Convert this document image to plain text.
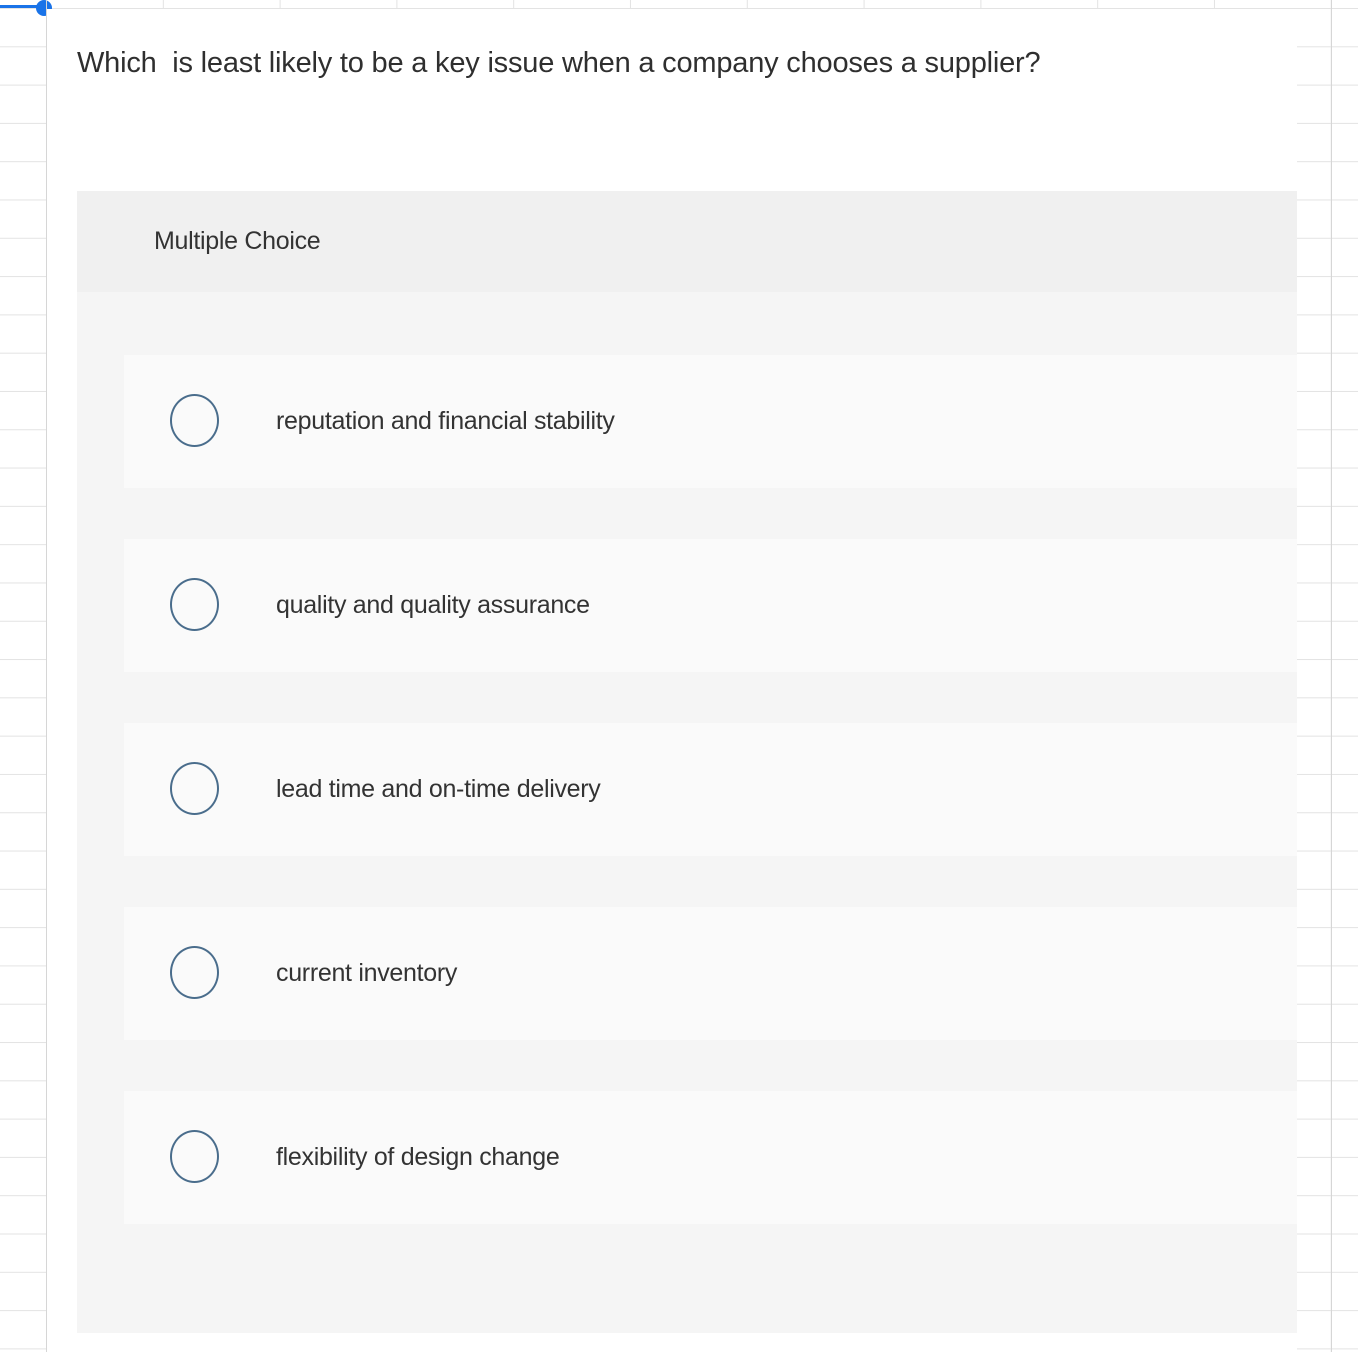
Which  is least likely to be a key issue when a company chooses a supplier?
Multiple Choice
reputation and financial stability
quality and quality assurance
lead time and on-time delivery
current inventory
flexibility of design change
